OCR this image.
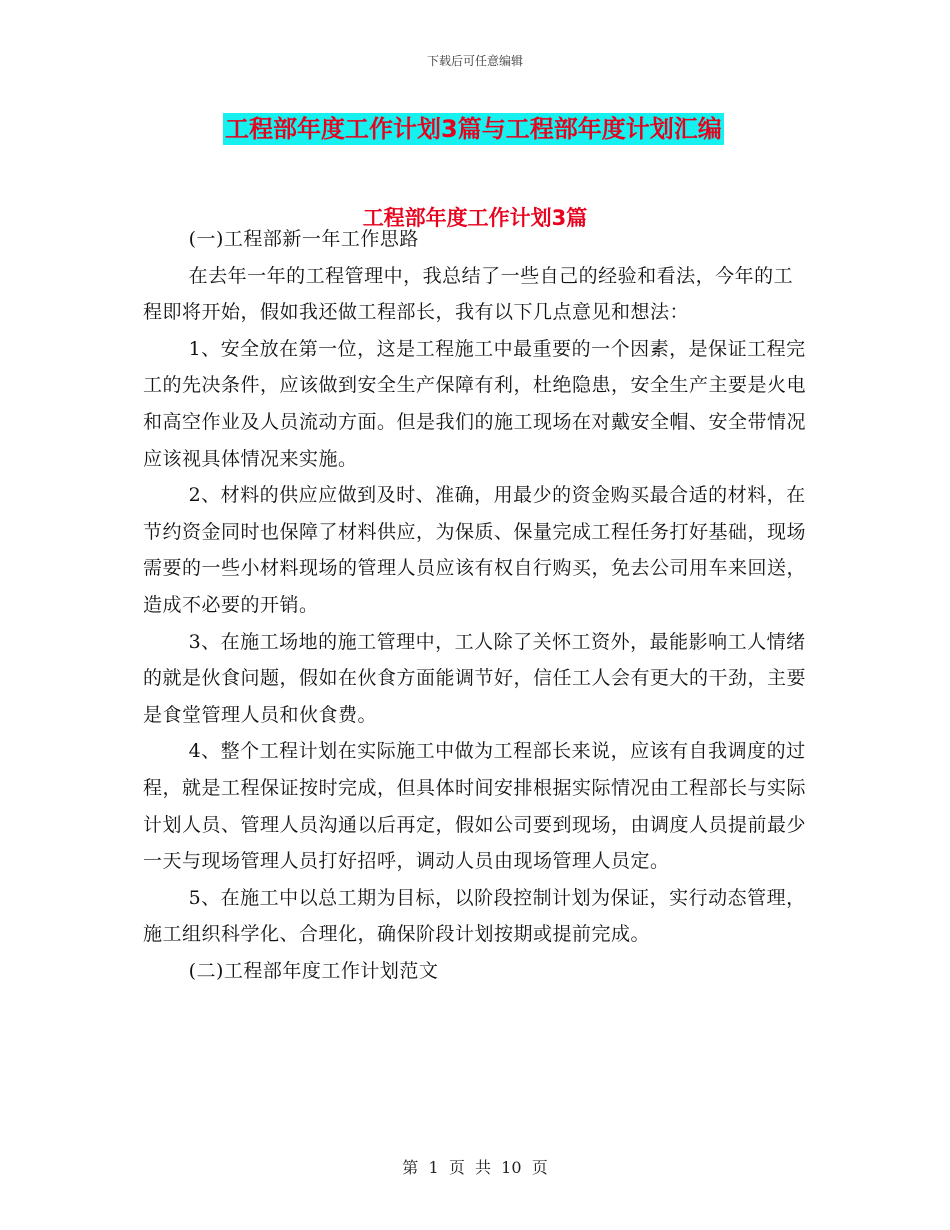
下载后可任意编辑
工程部年度工作计划3篇与工程部年度计划汇编
工程部年度工作计划3篇

(一)工程部新一年工作思路

在去年一年的工程管理中，我总结了一些自己的经验和看法，今年的工程即将开始，假如我还做工程部长，我有以下几点意见和想法：

1、安全放在第一位，这是工程施工中最重要的一个因素，是保证工程完工的先决条件，应该做到安全生产保障有利，杜绝隐患，安全生产主要是火电和高空作业及人员流动方面。但是我们的施工现场在对戴安全帽、安全带情况应该视具体情况来实施。

2、材料的供应应做到及时、准确，用最少的资金购买最合适的材料，在节约资金同时也保障了材料供应，为保质、保量完成工程任务打好基础，现场需要的一些小材料现场的管理人员应该有权自行购买，免去公司用车来回送，造成不必要的开销。

3、在施工场地的施工管理中，工人除了关怀工资外，最能影响工人情绪的就是伙食问题，假如在伙食方面能调节好，信任工人会有更大的干劲，主要是食堂管理人员和伙食费。

4、整个工程计划在实际施工中做为工程部长来说，应该有自我调度的过程，就是工程保证按时完成，但具体时间安排根据实际情况由工程部长与实际计划人员、管理人员沟通以后再定，假如公司要到现场，由调度人员提前最少一天与现场管理人员打好招呼，调动人员由现场管理人员定。

5、在施工中以总工期为目标，以阶段控制计划为保证，实行动态管理，施工组织科学化、合理化，确保阶段计划按期或提前完成。

(二)工程部年度工作计划范文

第  1  页  共  10  页
